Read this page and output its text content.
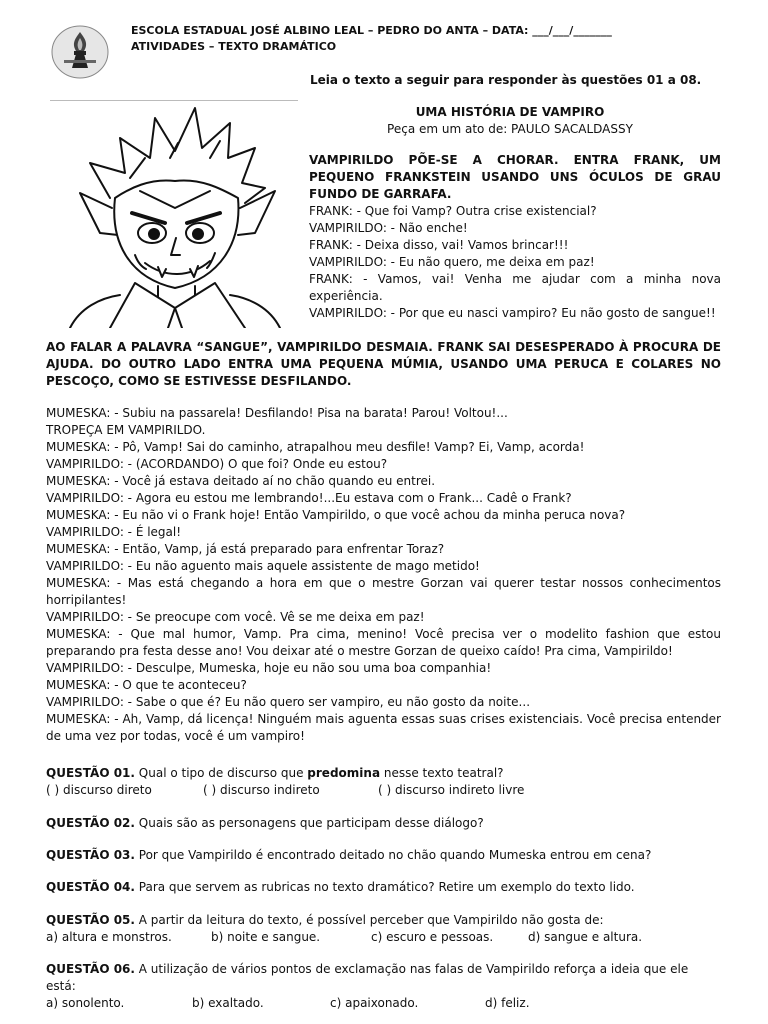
ESCOLA ESTADUAL JOSÉ ALBINO LEAL – PEDRO DO ANTA – DATA: ___/___/_______
ATIVIDADES – TEXTO DRAMÁTICO
Leia o texto a seguir para responder às questões 01 a 08.
UMA HISTÓRIA DE VAMPIRO
Peça em um ato de: PAULO SACALDASSY
VAMPIRILDO PÕE-SE A CHORAR. ENTRA FRANK, UM PEQUENO FRANKSTEIN USANDO UNS ÓCULOS DE GRAU FUNDO DE GARRAFA.

FRANK: - Que foi Vamp? Outra crise existencial?

VAMPIRILDO: - Não enche!

FRANK: - Deixa disso, vai! Vamos brincar!!!

VAMPIRILDO: - Eu não quero, me deixa em paz!

FRANK: - Vamos, vai! Venha me ajudar com a minha nova experiência.

VAMPIRILDO: - Por que eu nasci vampiro? Eu não gosto de sangue!!

AO FALAR A PALAVRA “SANGUE”, VAMPIRILDO DESMAIA. FRANK SAI DESESPERADO À PROCURA DE AJUDA. DO OUTRO LADO ENTRA UMA PEQUENA MÚMIA, USANDO UMA PERUCA E COLARES NO PESCOÇO, COMO SE ESTIVESSE DESFILANDO.

MUMESKA: - Subiu na passarela! Desfilando! Pisa na barata! Parou! Voltou!...

TROPEÇA EM VAMPIRILDO.

MUMESKA: - Pô, Vamp! Sai do caminho, atrapalhou meu desfile! Vamp? Ei, Vamp, acorda!

VAMPIRILDO: - (ACORDANDO) O que foi? Onde eu estou?

MUMESKA: - Você já estava deitado aí no chão quando eu entrei.

VAMPIRILDO: - Agora eu estou me lembrando!...Eu estava com o Frank... Cadê o Frank?

MUMESKA: - Eu não vi o Frank hoje! Então Vampirildo, o que você achou da minha peruca nova?

VAMPIRILDO: - É legal!

MUMESKA: - Então, Vamp, já está preparado para enfrentar Toraz?

VAMPIRILDO: - Eu não aguento mais aquele assistente de mago metido!

MUMESKA: - Mas está chegando a hora em que o mestre Gorzan vai querer testar nossos conhecimentos horripilantes!

VAMPIRILDO: - Se preocupe com você. Vê se me deixa em paz!

MUMESKA: - Que mal humor, Vamp. Pra cima, menino! Você precisa ver o modelito fashion que estou preparando pra festa desse ano! Vou deixar até o mestre Gorzan de queixo caído! Pra cima, Vampirildo!

VAMPIRILDO: - Desculpe, Mumeska, hoje eu não sou uma boa companhia!

MUMESKA: - O que te aconteceu?

VAMPIRILDO: - Sabe o que é? Eu não quero ser vampiro, eu não gosto da noite...

MUMESKA: - Ah, Vamp, dá licença! Ninguém mais aguenta essas suas crises existenciais. Você precisa entender de uma vez por todas, você é um vampiro!

QUESTÃO 01. Qual o tipo de discurso que predomina nesse texto teatral?
( ) discurso direto	( ) discurso indireto	( ) discurso indireto livre
QUESTÃO 02. Quais são as personagens que participam desse diálogo?
QUESTÃO 03. Por que Vampirildo é encontrado deitado no chão quando Mumeska entrou em cena?
QUESTÃO 04. Para que servem as rubricas no texto dramático? Retire um exemplo do texto lido.
QUESTÃO 05. A partir da leitura do texto, é possível perceber que Vampirildo não gosta de:
a) altura e monstros.	b) noite e sangue.	c) escuro e pessoas.	d) sangue e altura.
QUESTÃO 06. A utilização de vários pontos de exclamação nas falas de Vampirildo reforça a ideia que ele está:
a) sonolento.	b) exaltado.	c) apaixonado.	d) feliz.
